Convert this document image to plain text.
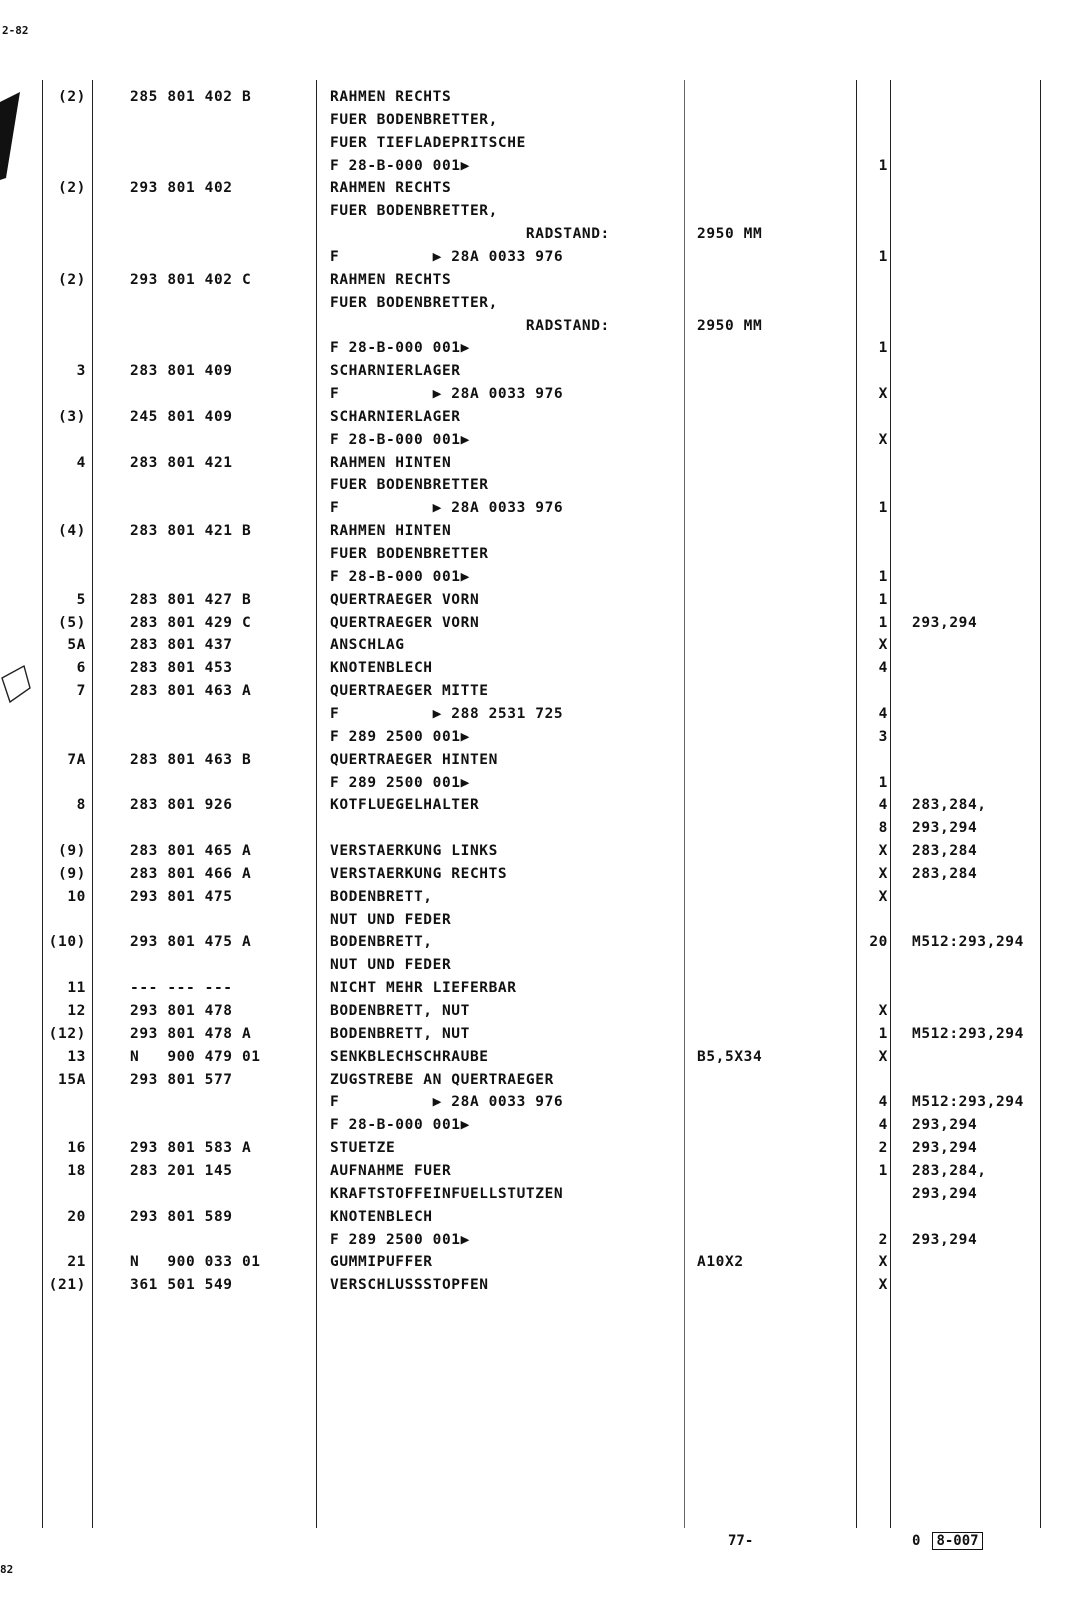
2-82
82
(2)	285 801 402 B	RAHMEN RECHTS
FUER BODENBRETTER,
FUER TIEFLADEPRITSCHE
F 28-B-000 001▶	1
(2)	293 801 402	RAHMEN RECHTS
FUER BODENBRETTER,
RADSTAND:	2950 MM
F          ▶ 28A 0033 976	1
(2)	293 801 402 C	RAHMEN RECHTS
FUER BODENBRETTER,
RADSTAND:	2950 MM
F 28-B-000 001▶	1
3	283 801 409	SCHARNIERLAGER
F          ▶ 28A 0033 976	X
(3)	245 801 409	SCHARNIERLAGER
F 28-B-000 001▶	X
4	283 801 421	RAHMEN HINTEN
FUER BODENBRETTER
F          ▶ 28A 0033 976	1
(4)	283 801 421 B	RAHMEN HINTEN
FUER BODENBRETTER
F 28-B-000 001▶	1
5	283 801 427 B	QUERTRAEGER VORN	1
(5)	283 801 429 C	QUERTRAEGER VORN	1 293,294
5A	283 801 437	ANSCHLAG	X
6	283 801 453	KNOTENBLECH	4
7	283 801 463 A	QUERTRAEGER MITTE
F          ▶ 288 2531 725	4
F 289 2500 001▶	3
7A	283 801 463 B	QUERTRAEGER HINTEN
F 289 2500 001▶	1
8	283 801 926	KOTFLUEGELHALTER	4 283,284,
8 293,294
(9)	283 801 465 A	VERSTAERKUNG LINKS	X 283,284
(9)	283 801 466 A	VERSTAERKUNG RECHTS	X 283,284
10	293 801 475	BODENBRETT,	X
NUT UND FEDER
(10)	293 801 475 A	BODENBRETT,	20 M512:293,294
NUT UND FEDER
11	--- --- ---	NICHT MEHR LIEFERBAR
12	293 801 478	BODENBRETT, NUT	X
(12)	293 801 478 A	BODENBRETT, NUT	1 M512:293,294
13	N   900 479 01	SENKBLECHSCHRAUBE	B5,5X34	X
15A	293 801 577	ZUGSTREBE AN QUERTRAEGER
F          ▶ 28A 0033 976	4 M512:293,294
F 28-B-000 001▶	4 293,294
16	293 801 583 A	STUETZE	2 293,294
18	283 201 145	AUFNAHME FUER	1 283,284,
KRAFTSTOFFEINFUELLSTUTZEN	293,294
20	293 801 589	KNOTENBLECH
F 289 2500 001▶	2 293,294
21	N   900 033 01	GUMMIPUFFER	A10X2	X
(21)	361 501 549	VERSCHLUSSSTOPFEN	X
77-	0 8-007
